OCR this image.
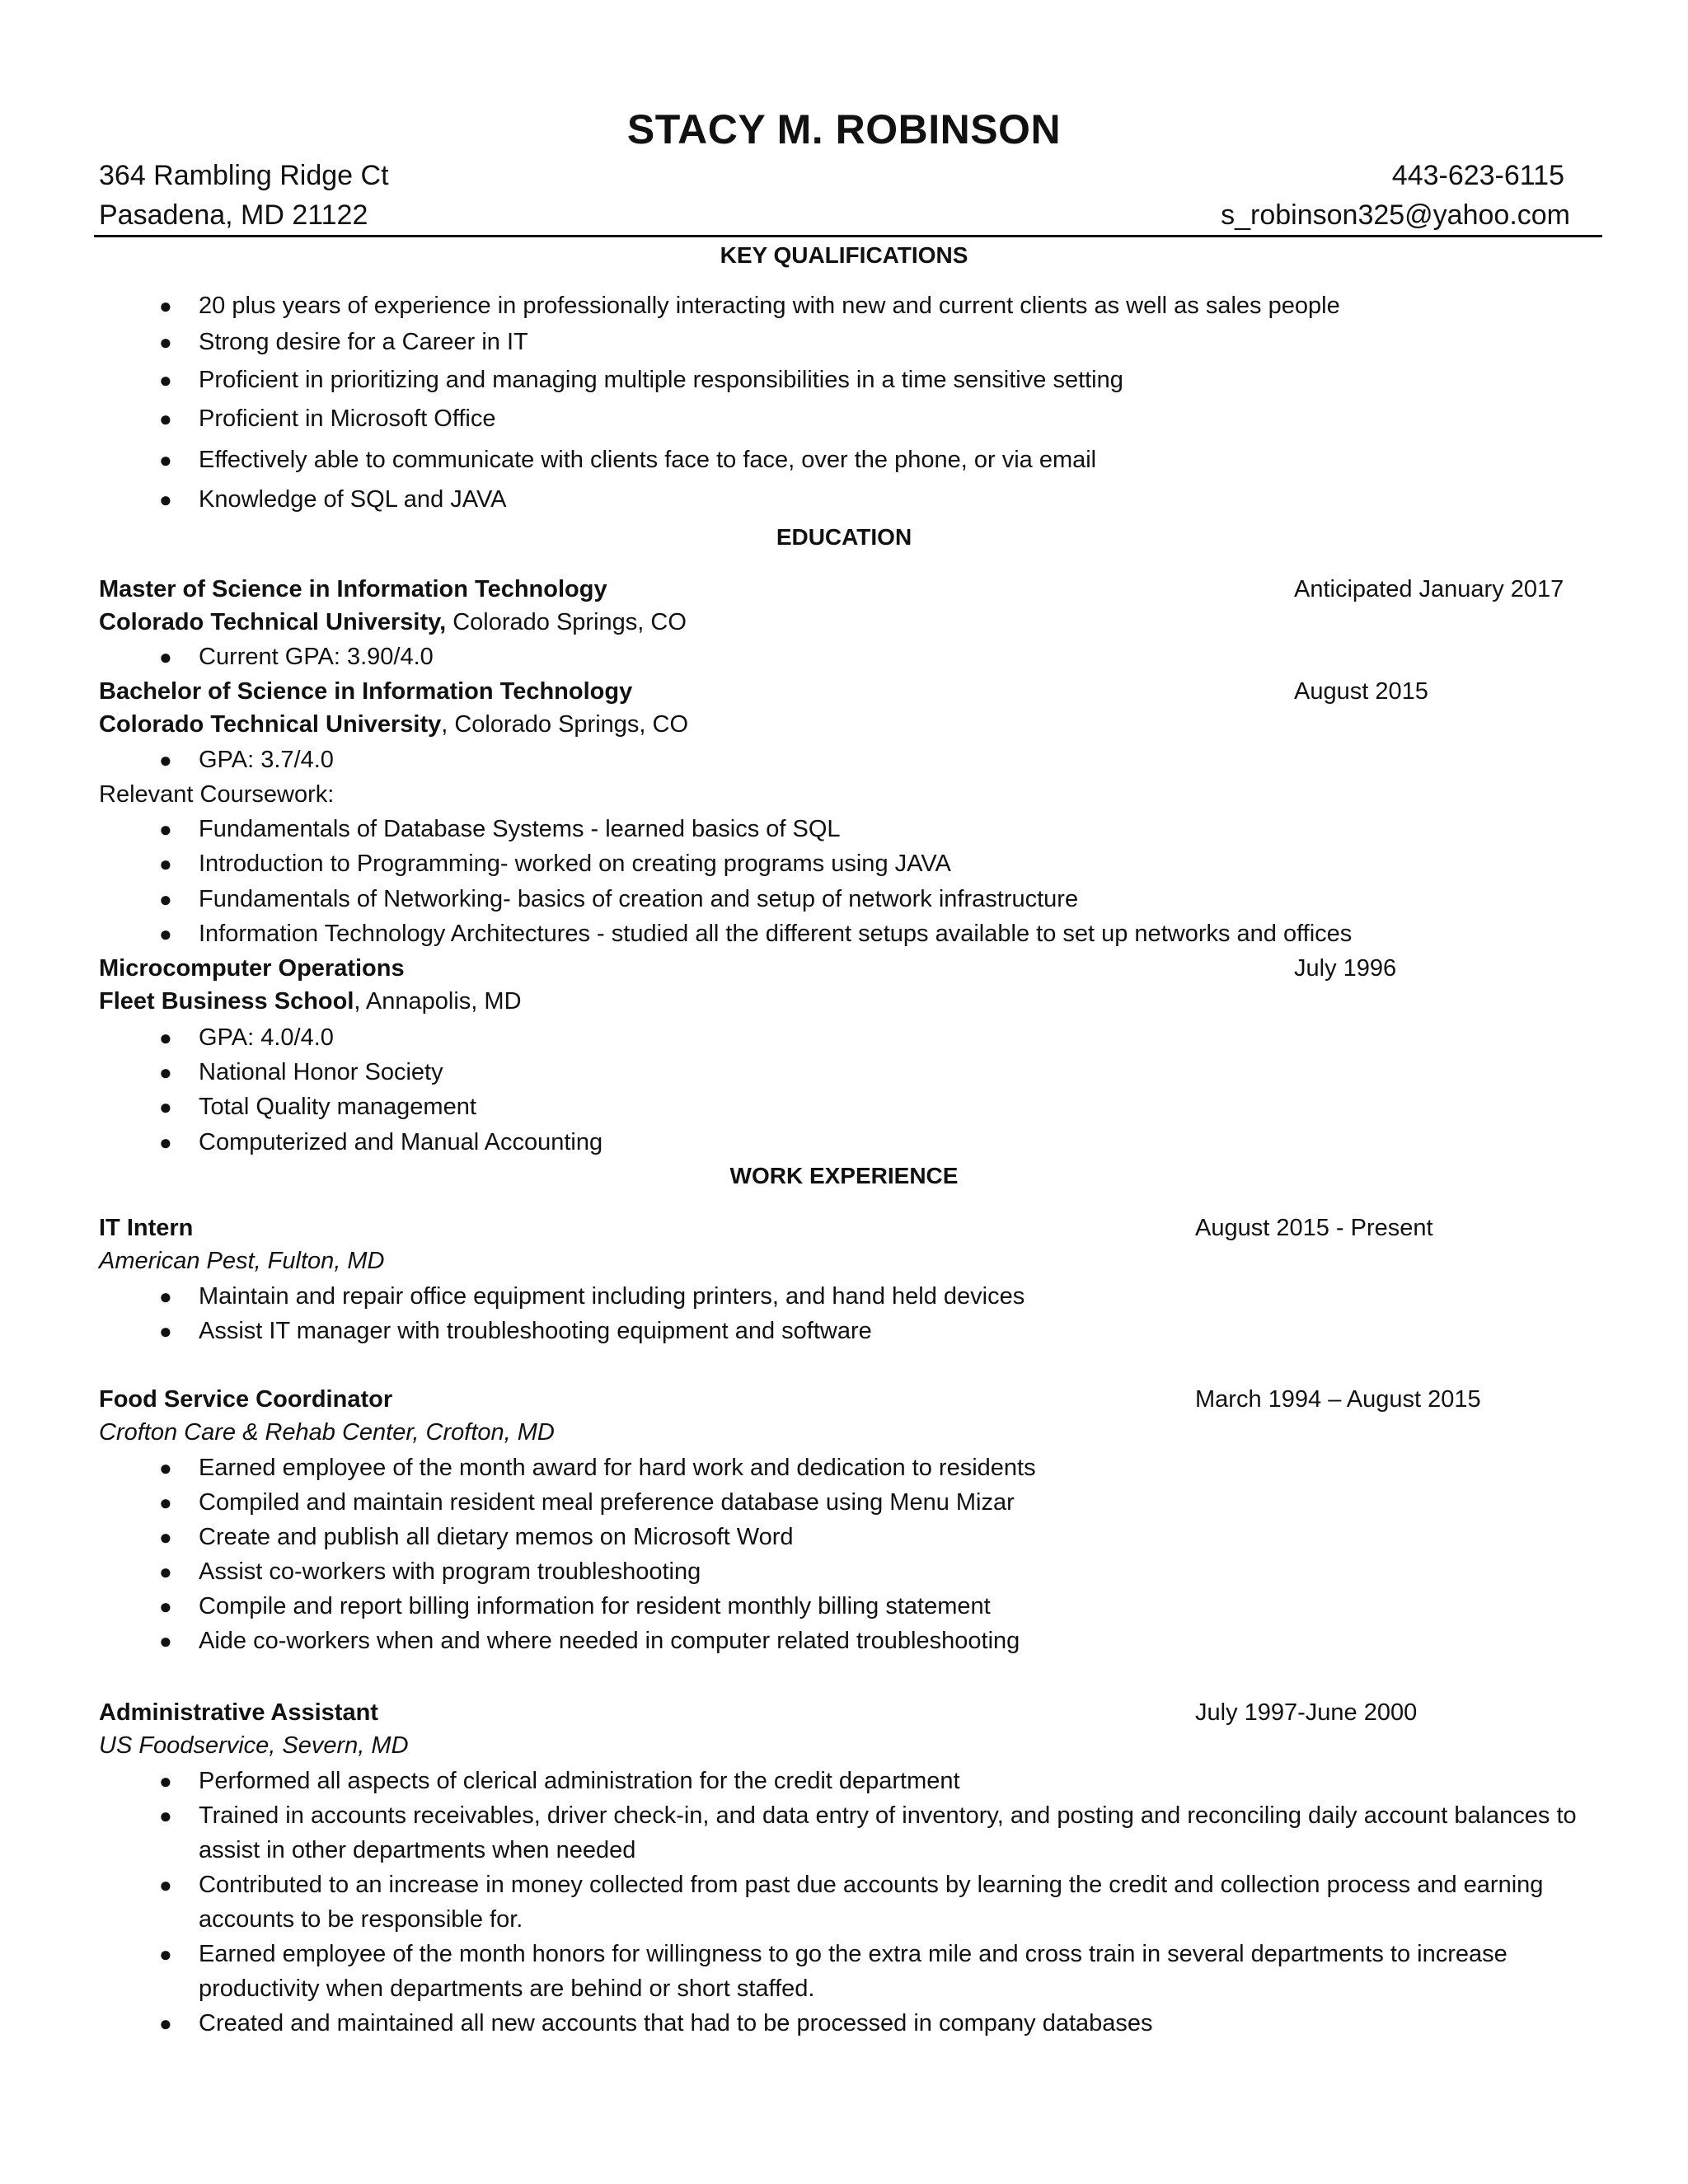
STACY M. ROBINSON
364 Rambling Ridge Ct
Pasadena, MD 21122
443-623-6115
s_robinson325@yahoo.com
KEY QUALIFICATIONS
● 20 plus years of experience in professionally interacting with new and current clients as well as sales people
● Strong desire for a Career in IT
● Proficient in prioritizing and managing multiple responsibilities in a time sensitive setting
● Proficient in Microsoft Office
● Effectively able to communicate with clients face to face, over the phone, or via email
● Knowledge of SQL and JAVA
EDUCATION
Master of Science in Information Technology	Anticipated January 2017
Colorado Technical University, Colorado Springs, CO
● Current GPA: 3.90/4.0
Bachelor of Science in Information Technology	August 2015
Colorado Technical University, Colorado Springs, CO
● GPA: 3.7/4.0
Relevant Coursework:
● Fundamentals of Database Systems - learned basics of SQL
● Introduction to Programming- worked on creating programs using JAVA
● Fundamentals of Networking- basics of creation and setup of network infrastructure
● Information Technology Architectures - studied all the different setups available to set up networks and offices
Microcomputer Operations	July 1996
Fleet Business School, Annapolis, MD
● GPA: 4.0/4.0
● National Honor Society
● Total Quality management
● Computerized and Manual Accounting
WORK EXPERIENCE
IT Intern	August 2015 - Present
American Pest, Fulton, MD
● Maintain and repair office equipment including printers, and hand held devices
● Assist IT manager with troubleshooting equipment and software
Food Service Coordinator	March 1994 – August 2015
Crofton Care & Rehab Center, Crofton, MD
● Earned employee of the month award for hard work and dedication to residents
● Compiled and maintain resident meal preference database using Menu Mizar
● Create and publish all dietary memos on Microsoft Word
● Assist co-workers with program troubleshooting
● Compile and report billing information for resident monthly billing statement
● Aide co-workers when and where needed in computer related troubleshooting
Administrative Assistant	July 1997-June 2000
US Foodservice, Severn, MD
● Performed all aspects of clerical administration for the credit department
● Trained in accounts receivables, driver check-in, and data entry of inventory, and posting and reconciling daily account balances to assist in other departments when needed
● Contributed to an increase in money collected from past due accounts by learning the credit and collection process and earning accounts to be responsible for.
● Earned employee of the month honors for willingness to go the extra mile and cross train in several departments to increase productivity when departments are behind or short staffed.
● Created and maintained all new accounts that had to be processed in company databases
